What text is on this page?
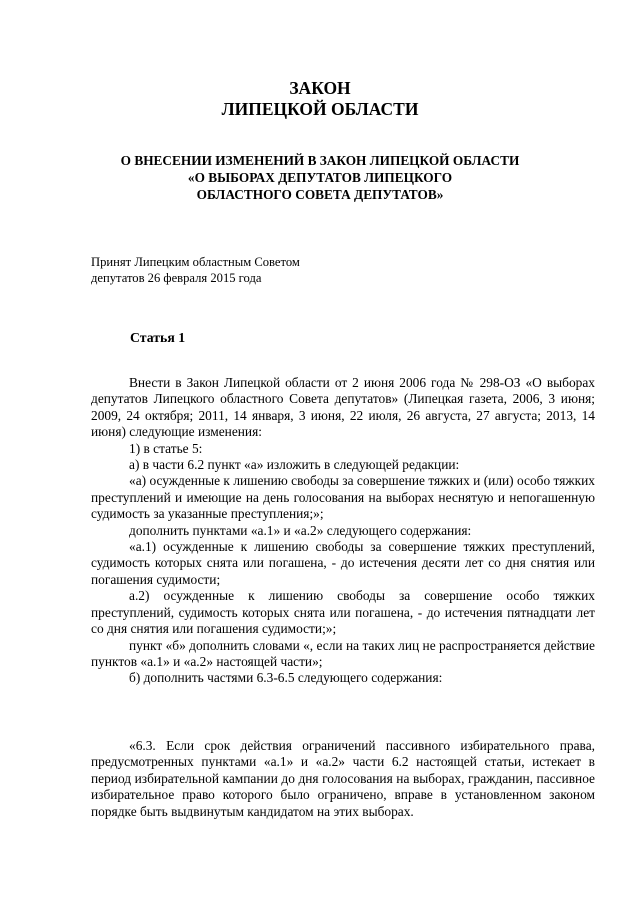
ЗАКОН
ЛИПЕЦКОЙ ОБЛАСТИ
О ВНЕСЕНИИ ИЗМЕНЕНИЙ В ЗАКОН ЛИПЕЦКОЙ ОБЛАСТИ
«О ВЫБОРАХ ДЕПУТАТОВ ЛИПЕЦКОГО
ОБЛАСТНОГО СОВЕТА ДЕПУТАТОВ»
Принят Липецким областным Советом
депутатов 26 февраля 2015 года
Статья 1

Внести в Закон Липецкой области от 2 июня 2006 года № 298-ОЗ «О выборах депутатов Липецкого областного Совета депутатов» (Липецкая газета, 2006, 3 июня; 2009, 24 октября; 2011, 14 января, 3 июня, 22 июля, 26 августа, 27 августа; 2013, 14 июня) следующие изменения:

1) в статье 5:

а) в части 6.2 пункт «а» изложить в следующей редакции:

«а) осужденные к лишению свободы за совершение тяжких и (или) особо тяжких преступлений и имеющие на день голосования на выборах неснятую и непогашенную судимость за указанные преступления;»;

дополнить пунктами «а.1» и «а.2» следующего содержания:

«а.1) осужденные к лишению свободы за совершение тяжких преступлений, судимость которых снята или погашена, - до истечения десяти лет со дня снятия или погашения судимости;

а.2) осужденные к лишению свободы за совершение особо тяжких преступлений, судимость которых снята или погашена, - до истечения пятнадцати лет со дня снятия или погашения судимости;»;

пункт «б» дополнить словами «, если на таких лиц не распространяется действие пунктов «а.1» и «а.2» настоящей части»;

б) дополнить частями 6.3-6.5 следующего содержания:

«6.3. Если срок действия ограничений пассивного избирательного права, предусмотренных пунктами «а.1» и «а.2» части 6.2 настоящей статьи, истекает в период избирательной кампании до дня голосования на выборах, гражданин, пассивное избирательное право которого было ограничено, вправе в установленном законом порядке быть выдвинутым кандидатом на этих выборах.
